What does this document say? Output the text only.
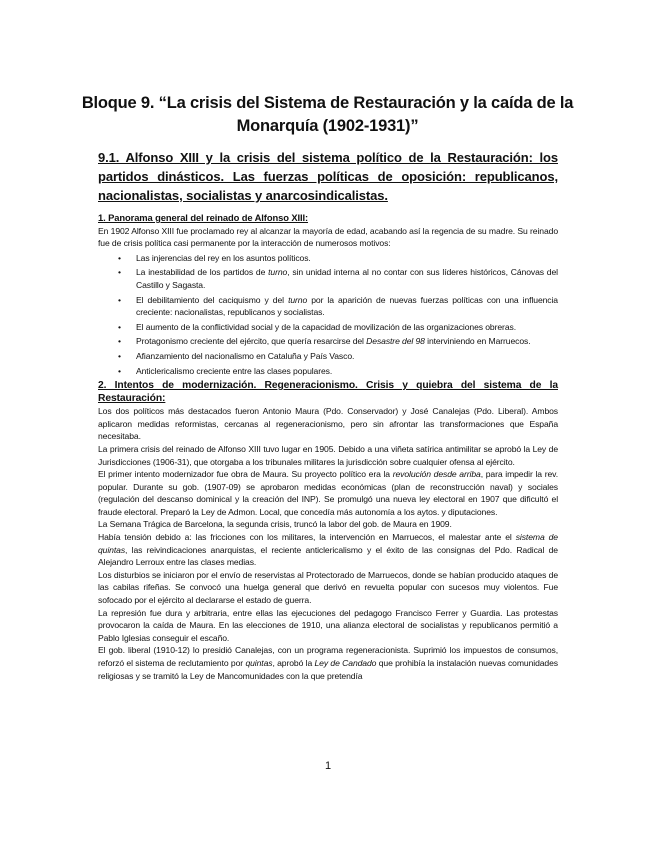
Bloque 9. “La crisis del Sistema de Restauración y la caída de la Monarquía (1902-1931)”
9.1. Alfonso XIII y la crisis del sistema político de la Restauración: los partidos dinásticos. Las fuerzas políticas de oposición: republicanos, nacionalistas, socialistas y anarcosindicalistas.
1. Panorama general del reinado de Alfonso XIII:

En 1902 Alfonso XIII fue proclamado rey al alcanzar la mayoría de edad, acabando así la regencia de su madre. Su reinado fue de crisis política casi permanente por la interacción de numerosos motivos:

• Las injerencias del rey en los asuntos políticos.
• La inestabilidad de los partidos de turno, sin unidad interna al no contar con sus líderes históricos, Cánovas del Castillo y Sagasta.
• El debilitamiento del caciquismo y del turno por la aparición de nuevas fuerzas políticas con una influencia creciente: nacionalistas, republicanos y socialistas.
• El aumento de la conflictividad social y de la capacidad de movilización de las organizaciones obreras.
• Protagonismo creciente del ejército, que quería resarcirse del Desastre del 98 interviniendo en Marruecos.
• Afianzamiento del nacionalismo en Cataluña y País Vasco.
• Anticlericalismo creciente entre las clases populares.
2. Intentos de modernización. Regeneracionismo. Crisis y quiebra del sistema de la Restauración:

Los dos políticos más destacados fueron Antonio Maura (Pdo. Conservador) y José Canalejas (Pdo. Liberal). Ambos aplicaron medidas reformistas, cercanas al regeneracionismo, pero sin afrontar las transformaciones que España necesitaba.

La primera crisis del reinado de Alfonso XIII tuvo lugar en 1905. Debido a una viñeta satírica antimilitar se aprobó la Ley de Jurisdicciones (1906-31), que otorgaba a los tribunales militares la jurisdicción sobre cualquier ofensa al ejército.

El primer intento modernizador fue obra de Maura. Su proyecto político era la revolución desde arriba, para impedir la rev. popular. Durante su gob. (1907-09) se aprobaron medidas económicas (plan de reconstrucción naval) y sociales (regulación del descanso dominical y la creación del INP). Se promulgó una nueva ley electoral en 1907 que dificultó el fraude electoral. Preparó la Ley de Admon. Local, que concedía más autonomía a los aytos. y diputaciones.

La Semana Trágica de Barcelona, la segunda crisis, truncó la labor del gob. de Maura en 1909.

Había tensión debido a: las fricciones con los militares, la intervención en Marruecos, el malestar ante el sistema de quintas, las reivindicaciones anarquistas, el reciente anticlericalismo y el éxito de las consignas del Pdo. Radical de Alejandro Lerroux entre las clases medias.

Los disturbios se iniciaron por el envío de reservistas al Protectorado de Marruecos, donde se habían producido ataques de las cabilas rifeñas. Se convocó una huelga general que derivó en revuelta popular con sucesos muy violentos. Fue sofocado por el ejército al declararse el estado de guerra.

La represión fue dura y arbitraria, entre ellas las ejecuciones del pedagogo Francisco Ferrer y Guardia. Las protestas provocaron la caída de Maura. En las elecciones de 1910, una alianza electoral de socialistas y republicanos permitió a Pablo Iglesias conseguir el escaño.

El gob. liberal (1910-12) lo presidió Canalejas, con un programa regeneracionista. Suprimió los impuestos de consumos, reforzó el sistema de reclutamiento por quintas, aprobó la Ley de Candado que prohibía la instalación nuevas comunidades religiosas y se tramitó la Ley de Mancomunidades con la que pretendía

1
